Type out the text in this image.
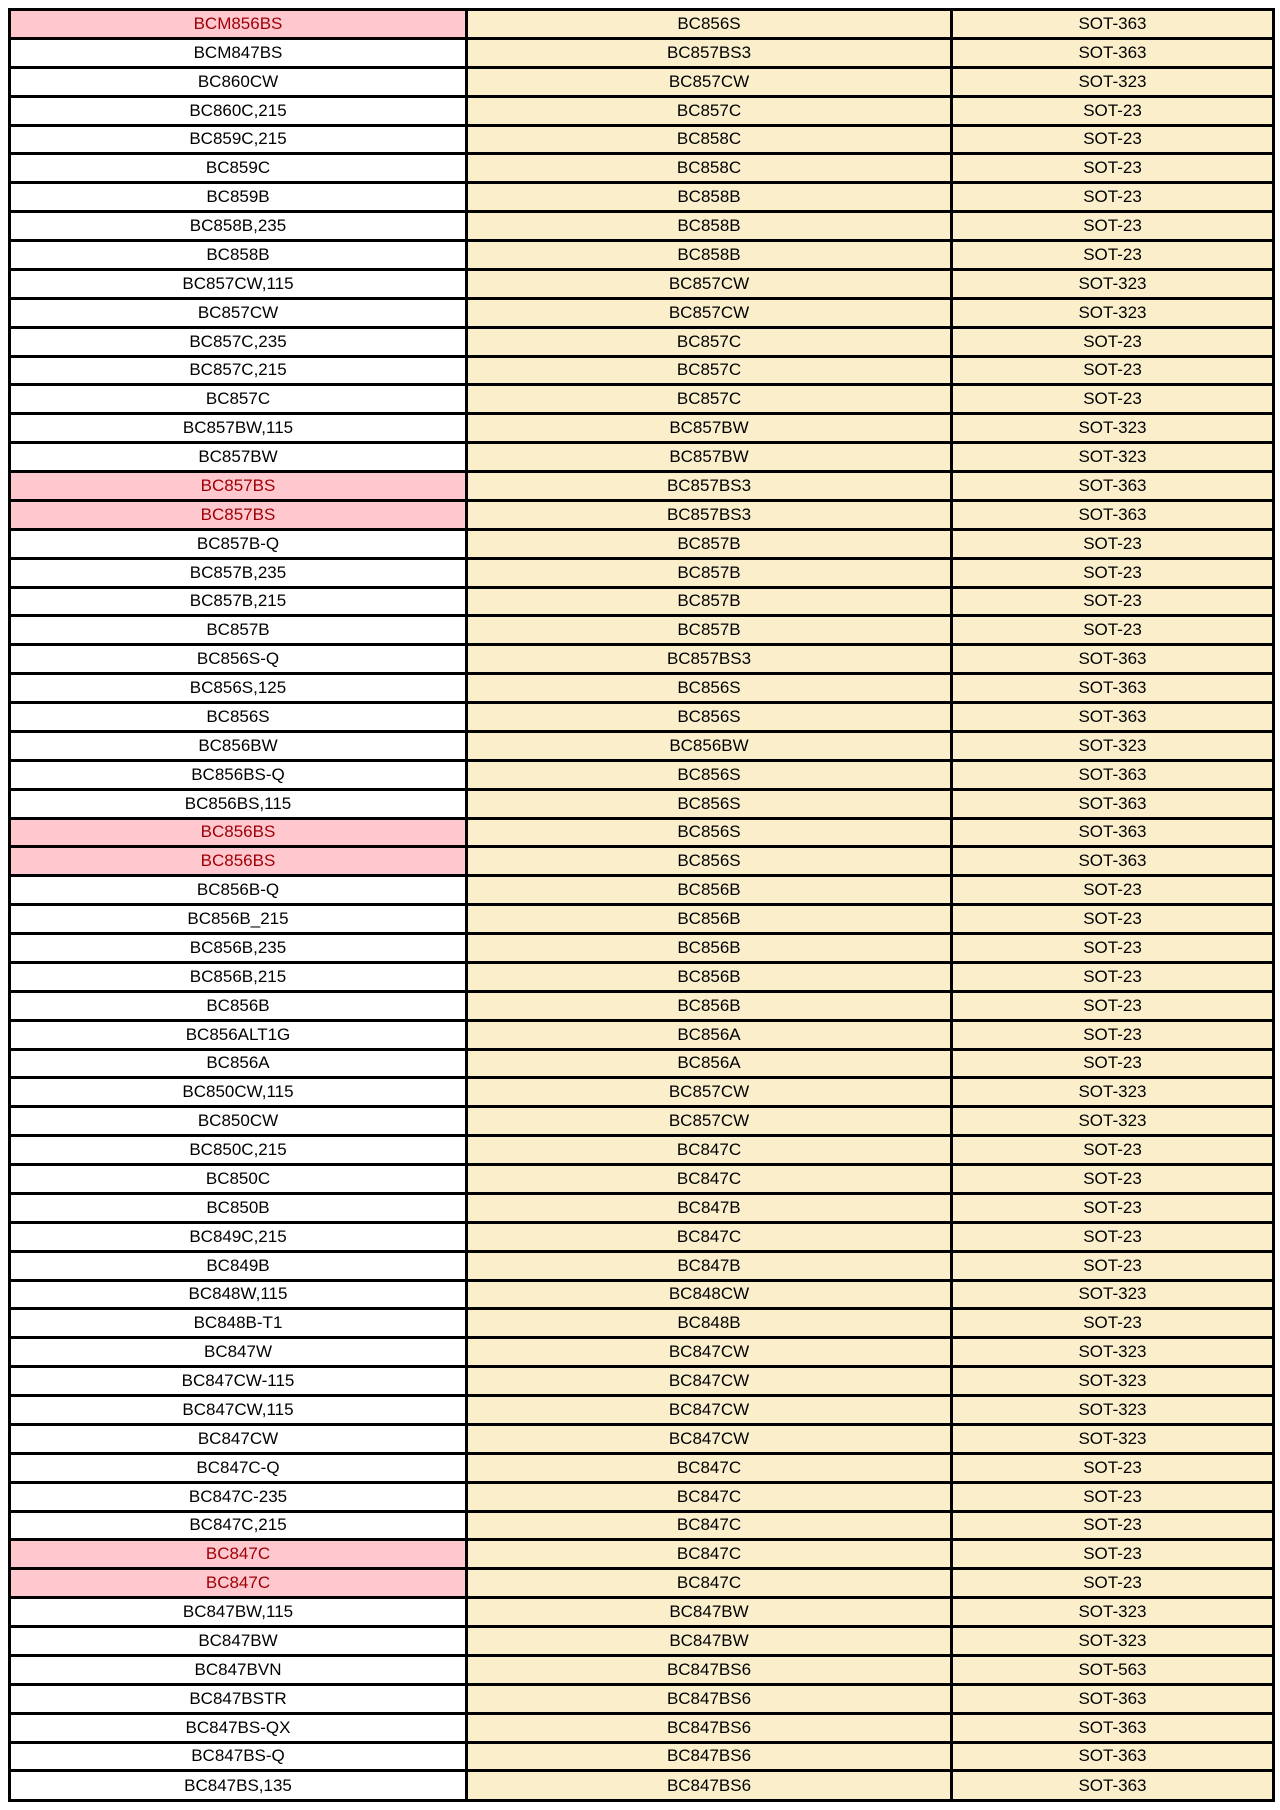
BCM856BS	BC856S	SOT-363
BCM847BS	BC857BS3	SOT-363
BC860CW	BC857CW	SOT-323
BC860C,215	BC857C	SOT-23
BC859C,215	BC858C	SOT-23
BC859C	BC858C	SOT-23
BC859B	BC858B	SOT-23
BC858B,235	BC858B	SOT-23
BC858B	BC858B	SOT-23
BC857CW,115	BC857CW	SOT-323
BC857CW	BC857CW	SOT-323
BC857C,235	BC857C	SOT-23
BC857C,215	BC857C	SOT-23
BC857C	BC857C	SOT-23
BC857BW,115	BC857BW	SOT-323
BC857BW	BC857BW	SOT-323
BC857BS	BC857BS3	SOT-363
BC857BS	BC857BS3	SOT-363
BC857B-Q	BC857B	SOT-23
BC857B,235	BC857B	SOT-23
BC857B,215	BC857B	SOT-23
BC857B	BC857B	SOT-23
BC856S-Q	BC857BS3	SOT-363
BC856S,125	BC856S	SOT-363
BC856S	BC856S	SOT-363
BC856BW	BC856BW	SOT-323
BC856BS-Q	BC856S	SOT-363
BC856BS,115	BC856S	SOT-363
BC856BS	BC856S	SOT-363
BC856BS	BC856S	SOT-363
BC856B-Q	BC856B	SOT-23
BC856B_215	BC856B	SOT-23
BC856B,235	BC856B	SOT-23
BC856B,215	BC856B	SOT-23
BC856B	BC856B	SOT-23
BC856ALT1G	BC856A	SOT-23
BC856A	BC856A	SOT-23
BC850CW,115	BC857CW	SOT-323
BC850CW	BC857CW	SOT-323
BC850C,215	BC847C	SOT-23
BC850C	BC847C	SOT-23
BC850B	BC847B	SOT-23
BC849C,215	BC847C	SOT-23
BC849B	BC847B	SOT-23
BC848W,115	BC848CW	SOT-323
BC848B-T1	BC848B	SOT-23
BC847W	BC847CW	SOT-323
BC847CW-115	BC847CW	SOT-323
BC847CW,115	BC847CW	SOT-323
BC847CW	BC847CW	SOT-323
BC847C-Q	BC847C	SOT-23
BC847C-235	BC847C	SOT-23
BC847C,215	BC847C	SOT-23
BC847C	BC847C	SOT-23
BC847C	BC847C	SOT-23
BC847BW,115	BC847BW	SOT-323
BC847BW	BC847BW	SOT-323
BC847BVN	BC847BS6	SOT-563
BC847BSTR	BC847BS6	SOT-363
BC847BS-QX	BC847BS6	SOT-363
BC847BS-Q	BC847BS6	SOT-363
BC847BS,135	BC847BS6	SOT-363
